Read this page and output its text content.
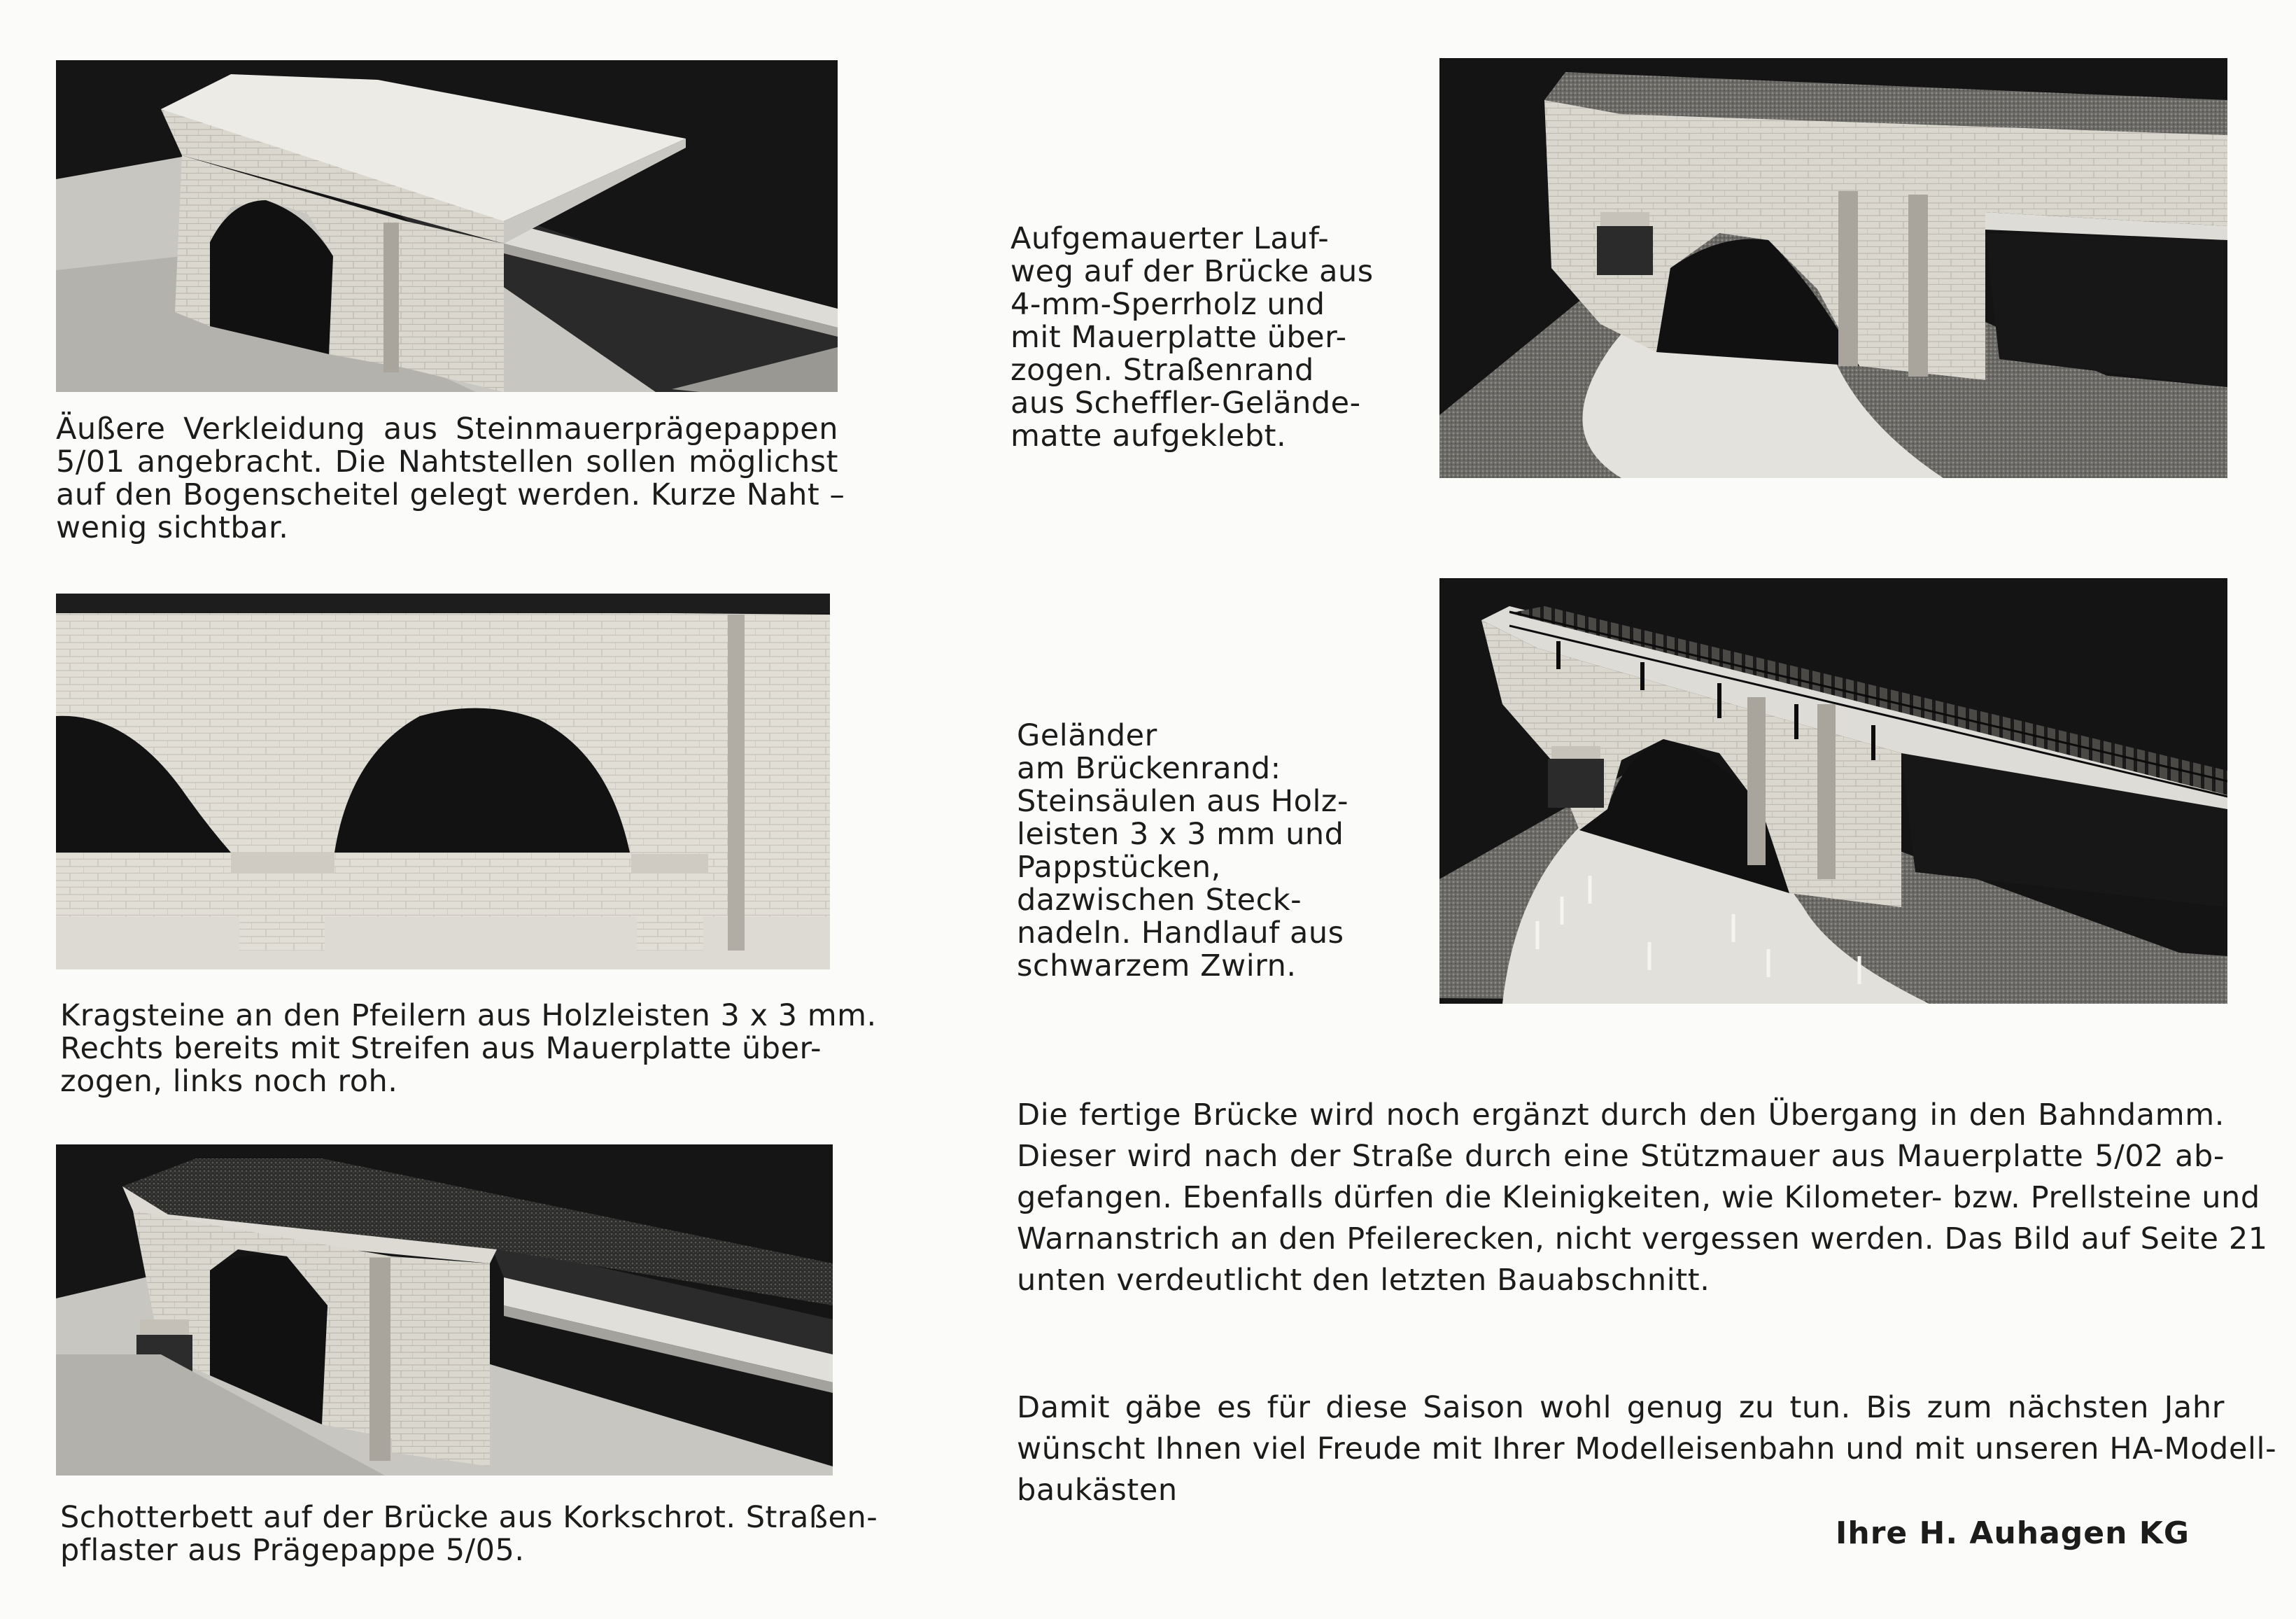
Äußere Verkleidung aus Steinmauerprägepappen
5/01 angebracht. Die Nahtstellen sollen möglichst
auf den Bogenscheitel gelegt werden. Kurze Naht –
wenig sichtbar.
Kragsteine an den Pfeilern aus Holzleisten 3 x 3 mm.
Rechts bereits mit Streifen aus Mauerplatte über-
zogen, links noch roh.
Schotterbett auf der Brücke aus Korkschrot. Straßen-
pflaster aus Prägepappe 5/05.
Aufgemauerter Lauf-
weg auf der Brücke aus
4-mm-Sperrholz und
mit Mauerplatte über-
zogen. Straßenrand
aus Scheffler-Gelände-
matte aufgeklebt.
Geländer
am Brückenrand:
Steinsäulen aus Holz-
leisten 3 x 3 mm und
Pappstücken,
dazwischen Steck-
nadeln. Handlauf aus
schwarzem Zwirn.
Die fertige Brücke wird noch ergänzt durch den Übergang in den Bahndamm.
Dieser wird nach der Straße durch eine Stützmauer aus Mauerplatte 5/02 ab-
gefangen. Ebenfalls dürfen die Kleinigkeiten, wie Kilometer- bzw. Prellsteine und
Warnanstrich an den Pfeilerecken, nicht vergessen werden. Das Bild auf Seite 21
unten verdeutlicht den letzten Bauabschnitt.
Damit gäbe es für diese Saison wohl genug zu tun. Bis zum nächsten Jahr
wünscht Ihnen viel Freude mit Ihrer Modelleisenbahn und mit unseren HA-Modell-
baukästen
Ihre H. Auhagen KG
